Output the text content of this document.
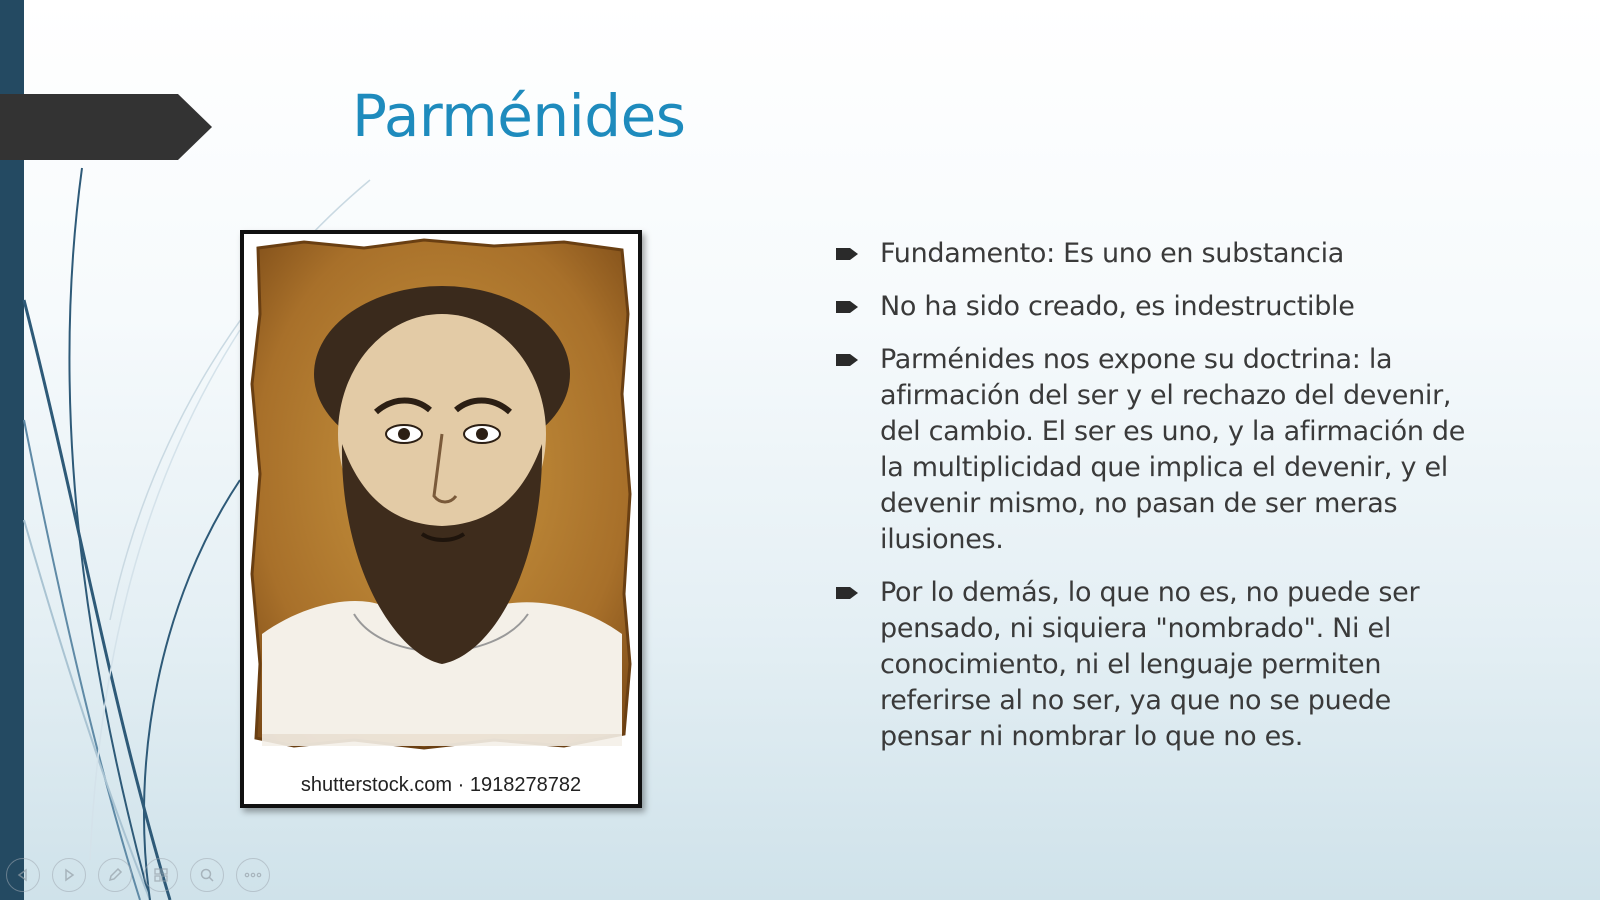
Parménides
shutterstock.com · 1918278782
Fundamento: Es uno en substancia
No ha sido creado, es indestructible
Parménides nos expone su doctrina: la afirmación del ser y el rechazo del devenir, del cambio. El ser es uno, y la afirmación de la multiplicidad que implica el devenir, y el devenir mismo, no pasan de ser meras ilusiones.
Por lo demás, lo que no es, no puede ser pensado, ni siquiera "nombrado". Ni el conocimiento, ni el lenguaje permiten referirse al no ser, ya que no se puede pensar ni nombrar lo que no es.
